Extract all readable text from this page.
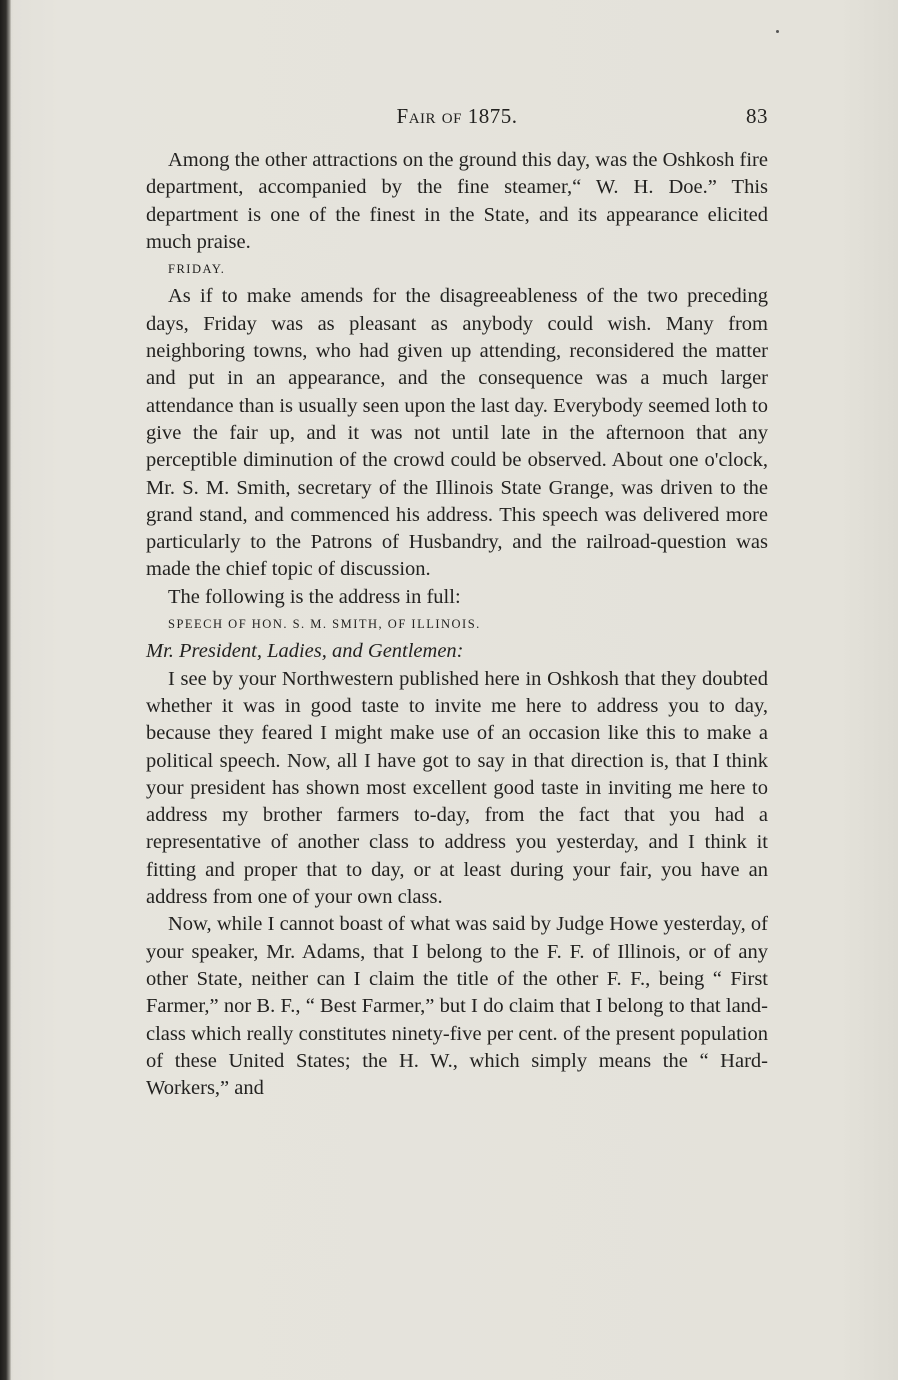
Fair of 1875.	83

Among the other attractions on the ground this day, was the Oshkosh fire department, accompanied by the fine steamer,“ W. H. Doe.” This department is one of the finest in the State, and its appearance elicited much praise.

FRIDAY.

As if to make amends for the disagreeableness of the two preceding days, Friday was as pleasant as anybody could wish. Many from neighboring towns, who had given up attending, reconsidered the matter and put in an appearance, and the consequence was a much larger attendance than is usually seen upon the last day. Everybody seemed loth to give the fair up, and it was not until late in the afternoon that any perceptible diminution of the crowd could be observed. About one o'clock, Mr. S. M. Smith, secretary of the Illinois State Grange, was driven to the grand stand, and commenced his address. This speech was delivered more particularly to the Patrons of Husbandry, and the railroad-question was made the chief topic of discussion.

The following is the address in full:

SPEECH OF HON. S. M. SMITH, OF ILLINOIS.

Mr. President, Ladies, and Gentlemen:

I see by your Northwestern published here in Oshkosh that they doubted whether it was in good taste to invite me here to address you to day, because they feared I might make use of an occasion like this to make a political speech. Now, all I have got to say in that direction is, that I think your president has shown most excellent good taste in inviting me here to address my brother farmers to-day, from the fact that you had a representative of another class to address you yesterday, and I think it fitting and proper that to day, or at least during your fair, you have an address from one of your own class.

Now, while I cannot boast of what was said by Judge Howe yesterday, of your speaker, Mr. Adams, that I belong to the F. F. of Illinois, or of any other State, neither can I claim the title of the other F. F., being “ First Farmer,” nor B. F., “ Best Farmer,” but I do claim that I belong to that land-class which really constitutes ninety-five per cent. of the present population of these United States; the H. W., which simply means the “ Hard-Workers,” and
